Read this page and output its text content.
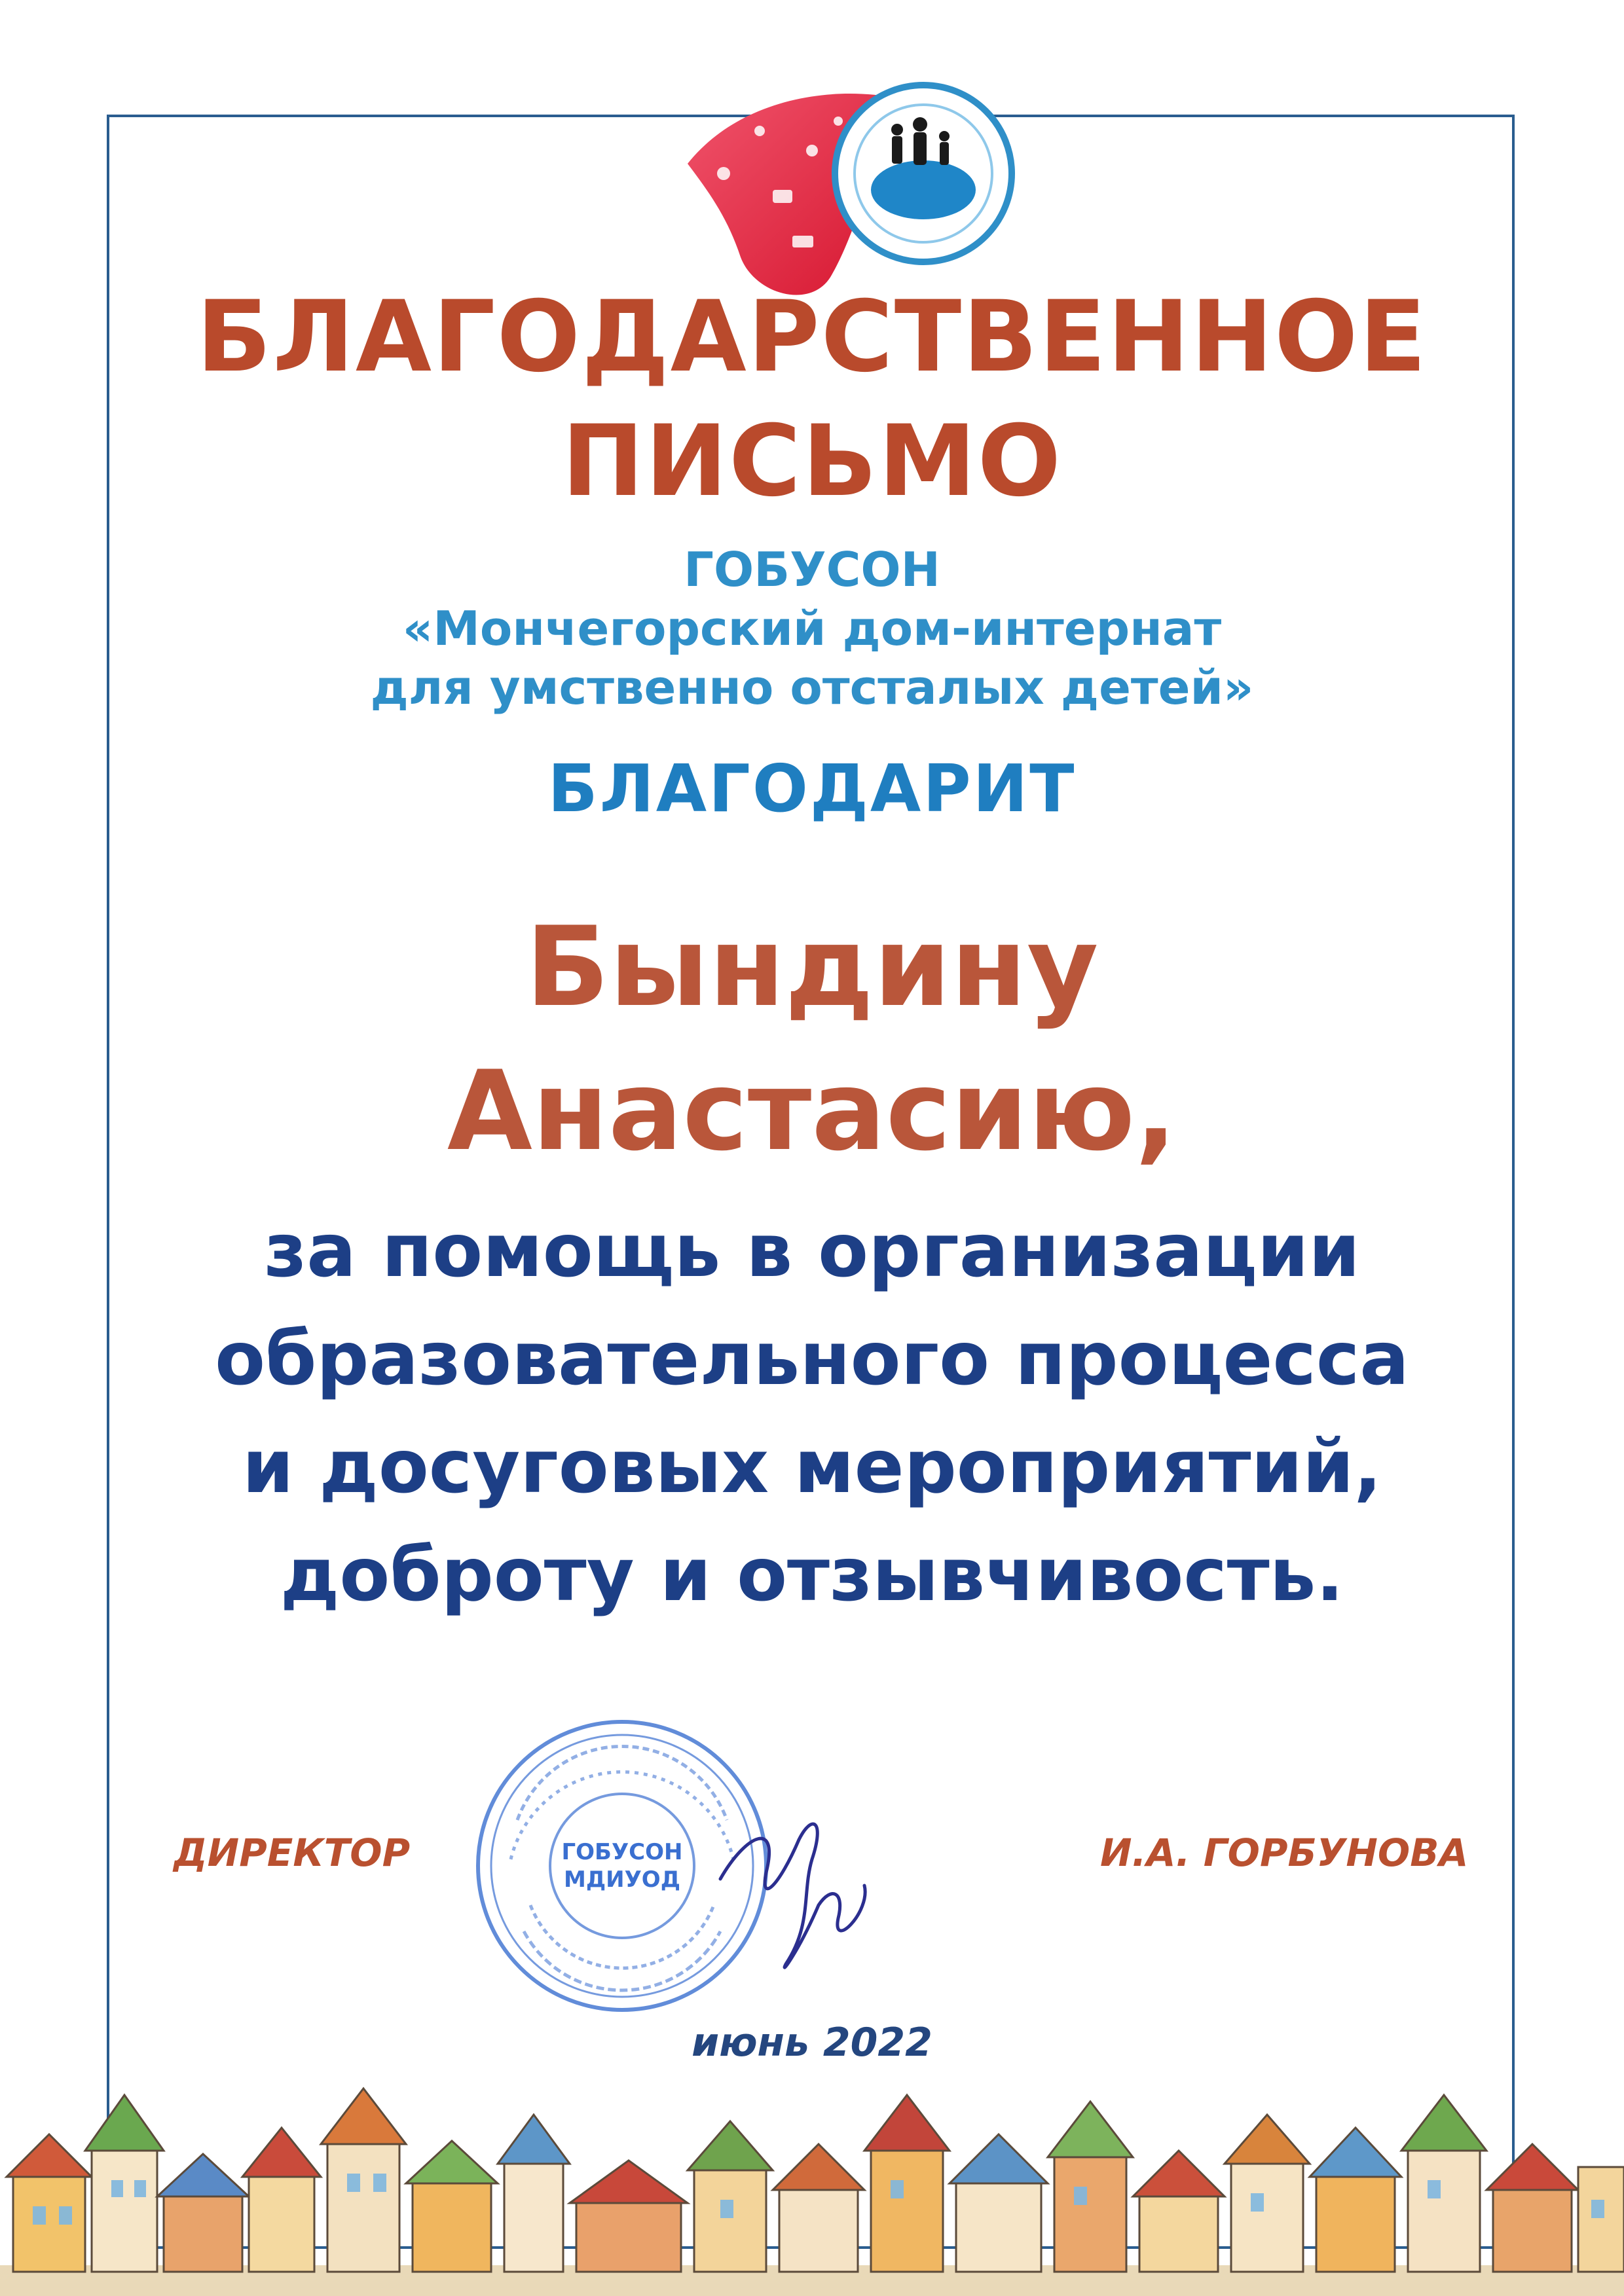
БЛАГОДАРСТВЕННОЕ
ПИСЬМО
ГОБУСОН
«Мончегорский дом-интернат
для умственно отсталых детей»
БЛАГОДАРИТ
Бындину
Анастасию,
за помощь в организации
образовательного процесса
и досуговых мероприятий,
доброту и отзывчивость.
ГОБУСОН
МДИУОД
ДИРЕКТОР	И.А. ГОРБУНОВА
июнь 2022
